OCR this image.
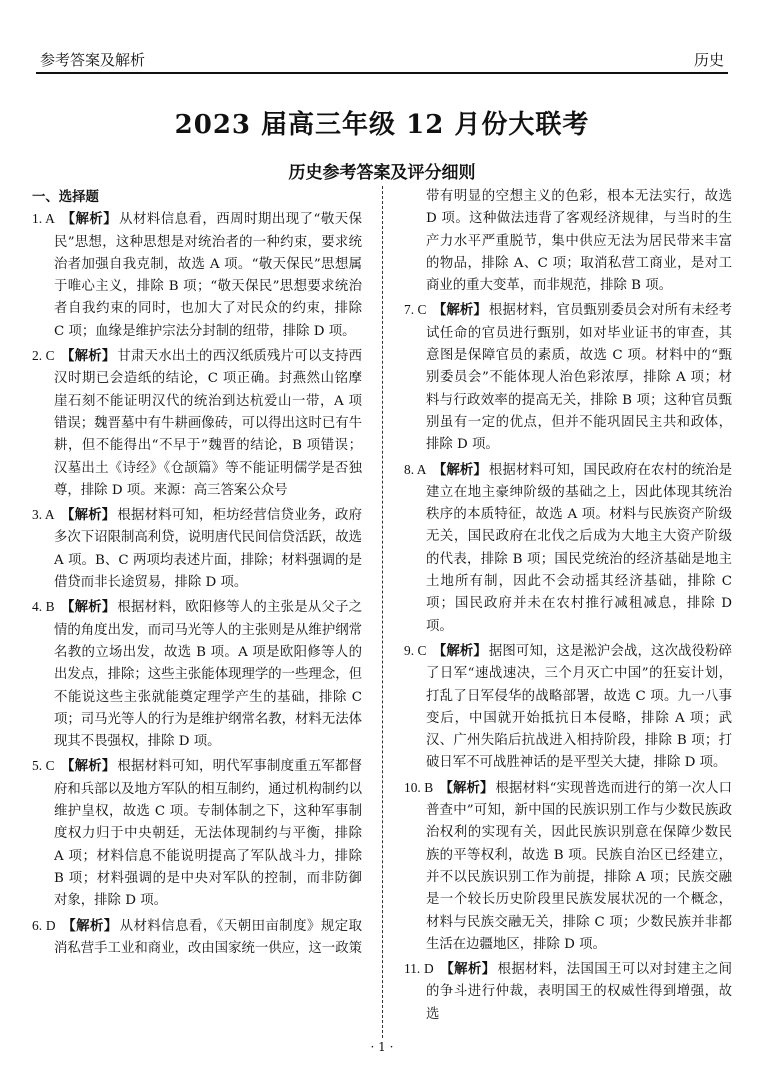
参考答案及解析	历史
2023 届高三年级 12 月份大联考
历史参考答案及评分细则
一、选择题
1. A 【解析】 从材料信息看，西周时期出现了“敬天保民”思想，这种思想是对统治者的一种约束，要求统治者加强自我克制，故选 A 项。“敬天保民”思想属于唯心主义，排除 B 项；“敬天保民”思想要求统治者自我约束的同时，也加大了对民众的约束，排除 C 项；血缘是维护宗法分封制的纽带，排除 D 项。
2. C 【解析】 甘肃天水出土的西汉纸质残片可以支持西汉时期已会造纸的结论，C 项正确。封燕然山铭摩崖石刻不能证明汉代的统治到达杭爱山一带，A 项错误；魏晋墓中有牛耕画像砖，可以得出这时已有牛耕，但不能得出“不早于”魏晋的结论，B 项错误；汉墓出土《诗经》《仓颉篇》等不能证明儒学是否独尊，排除 D 项。来源：高三答案公众号
3. A 【解析】 根据材料可知，柜坊经营信贷业务，政府多次下诏限制高利贷，说明唐代民间信贷活跃，故选 A 项。B、C 两项均表述片面，排除；材料强调的是借贷而非长途贸易，排除 D 项。
4. B 【解析】 根据材料，欧阳修等人的主张是从父子之情的角度出发，而司马光等人的主张则是从维护纲常名教的立场出发，故选 B 项。A 项是欧阳修等人的出发点，排除；这些主张能体现理学的一些理念，但不能说这些主张就能奠定理学产生的基础，排除 C 项；司马光等人的行为是维护纲常名教，材料无法体现其不畏强权，排除 D 项。
5. C 【解析】 根据材料可知，明代军事制度重五军都督府和兵部以及地方军队的相互制约，通过机构制约以维护皇权，故选 C 项。专制体制之下，这种军事制度权力归于中央朝廷，无法体现制约与平衡，排除 A 项；材料信息不能说明提高了军队战斗力，排除 B 项；材料强调的是中央对军队的控制，而非防御对象，排除 D 项。
6. D 【解析】 从材料信息看，《天朝田亩制度》规定取消私营手工业和商业，改由国家统一供应，这一政策
带有明显的空想主义的色彩，根本无法实行，故选 D 项。这种做法违背了客观经济规律，与当时的生产力水平严重脱节，集中供应无法为居民带来丰富的物品，排除 A、C 项；取消私营工商业，是对工商业的重大变革，而非规范，排除 B 项。
7. C 【解析】 根据材料，官员甄别委员会对所有未经考试任命的官员进行甄别，如对毕业证书的审查，其意图是保障官员的素质，故选 C 项。材料中的“甄别委员会”不能体现人治色彩浓厚，排除 A 项；材料与行政效率的提高无关，排除 B 项；这种官员甄别虽有一定的优点，但并不能巩固民主共和政体，排除 D 项。
8. A 【解析】 根据材料可知，国民政府在农村的统治是建立在地主豪绅阶级的基础之上，因此体现其统治秩序的本质特征，故选 A 项。材料与民族资产阶级无关，国民政府在北伐之后成为大地主大资产阶级的代表，排除 B 项；国民党统治的经济基础是地主土地所有制，因此不会动摇其经济基础，排除 C 项；国民政府并未在农村推行减租减息，排除 D 项。
9. C 【解析】 据图可知，这是淞沪会战，这次战役粉碎了日军“速战速决，三个月灭亡中国”的狂妄计划，打乱了日军侵华的战略部署，故选 C 项。九一八事变后，中国就开始抵抗日本侵略，排除 A 项；武汉、广州失陷后抗战进入相持阶段，排除 B 项；打破日军不可战胜神话的是平型关大捷，排除 D 项。
10. B 【解析】 根据材料“实现普选而进行的第一次人口普查中”可知，新中国的民族识别工作与少数民族政治权利的实现有关，因此民族识别意在保障少数民族的平等权利，故选 B 项。民族自治区已经建立，并不以民族识别工作为前提，排除 A 项；民族交融是一个较长历史阶段里民族发展状况的一个概念，材料与民族交融无关，排除 C 项；少数民族并非都生活在边疆地区，排除 D 项。
11. D 【解析】 根据材料，法国国王可以对封建主之间的争斗进行仲裁，表明国王的权威性得到增强，故选
· 1 ·
